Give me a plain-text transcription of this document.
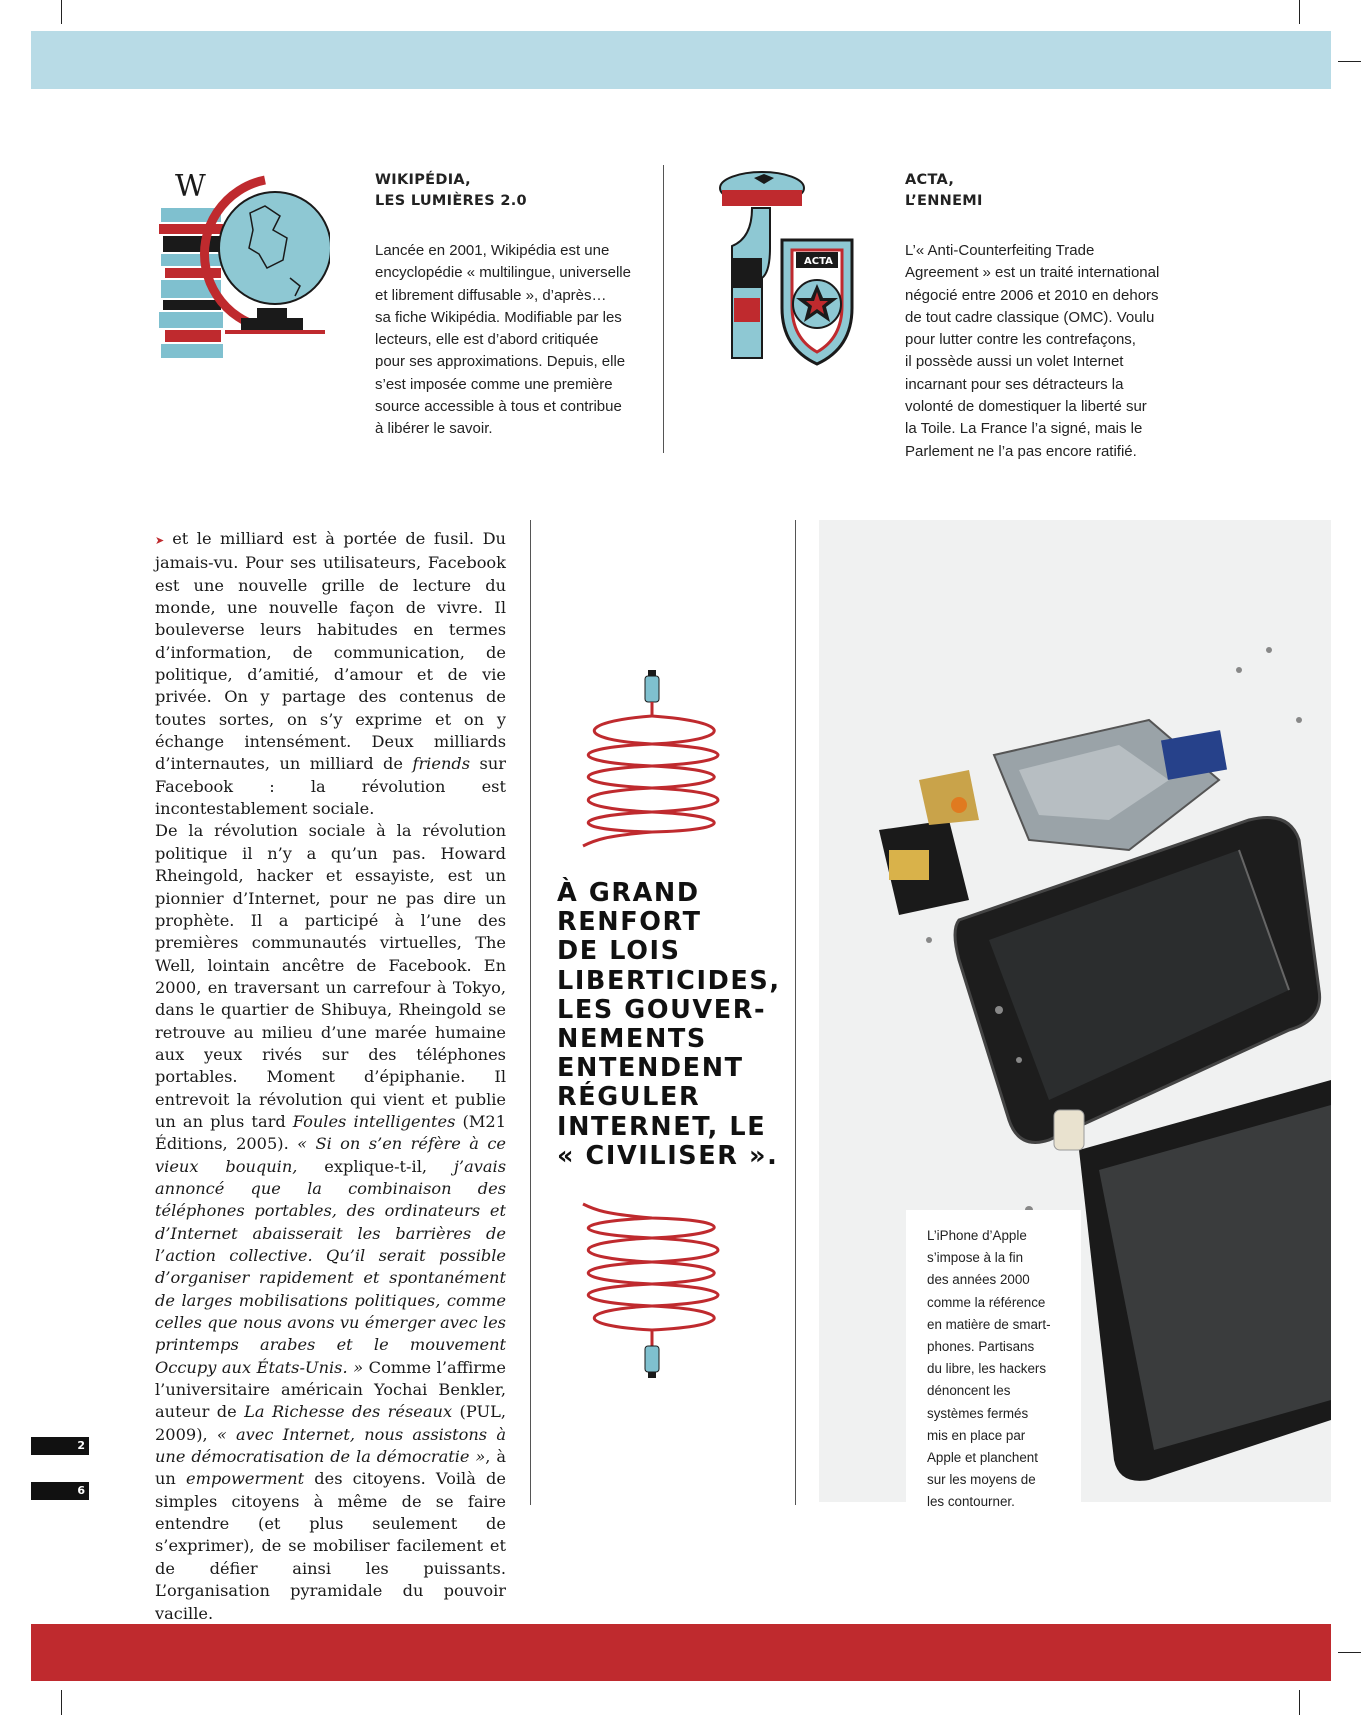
W	WIKIPÉDIA,
LES LUMIÈRES 2.0
Lancée en 2001, Wikipédia est une
encyclopédie « multilingue, universelle
et librement diffusable », d’après…
sa fiche Wikipédia. Modifiable par les
lecteurs, elle est d’abord critiquée
pour ses approximations. Depuis, elle
s’est imposée comme une première
source accessible à tous et contribue
à libérer le savoir.
ACTA
ACTA,
L’ENNEMI
L’« Anti-Counterfeiting Trade
Agreement » est un traité international
négocié entre 2006 et 2010 en dehors
de tout cadre classique (OMC). Voulu
pour lutter contre les contrefaçons,
il possède aussi un volet Internet
incarnant pour ses détracteurs la
volonté de domestiquer la liberté sur
la Toile. La France l’a signé, mais le
Parlement ne l’a pas encore ratifié.

➤ et le milliard est à portée de fusil. Du jamais-vu. Pour ses utilisateurs, Facebook est une nouvelle grille de lecture du monde, une nouvelle façon de vivre. Il bouleverse leurs habitudes en termes d’information, de communication, de politique, d’amitié, d’amour et de vie privée. On y partage des contenus de toutes sortes, on s’y exprime et on y échange intensément. Deux milliards d’internautes, un milliard de friends sur Facebook : la révolution est incontestablement sociale.

De la révolution sociale à la révolution politique il n’y a qu’un pas. Howard Rheingold, hacker et essayiste, est un pionnier d’Internet, pour ne pas dire un prophète. Il a participé à l’une des premières communautés virtuelles, The Well, lointain ancêtre de Facebook. En 2000, en traversant un carrefour à Tokyo, dans le quartier de Shibuya, Rheingold se retrouve au milieu d’une marée humaine aux yeux rivés sur des téléphones portables. Moment d’épiphanie. Il entrevoit la révolution qui vient et publie un an plus tard Foules intelligentes (M21 Éditions, 2005). « Si on s’en réfère à ce vieux bouquin, explique-t-il, j’avais annoncé que la combinaison des téléphones portables, des ordinateurs et d’Internet abaisserait les barrières de l’action collective. Qu’il serait possible d’organiser rapidement et spontanément de larges mobilisations politiques, comme celles que nous avons vu émerger avec les printemps arabes et le mouvement Occupy aux États-Unis. » Comme l’affirme l’universitaire américain Yochai Benkler, auteur de La Richesse des réseaux (PUL, 2009), « avec Internet, nous assistons à une démocratisation de la démocratie », à un empowerment des citoyens. Voilà de simples citoyens à même de se faire entendre (et plus seulement de s’exprimer), de se mobiliser facilement et de défier ainsi les puissants. L’organisation pyramidale du pouvoir vacille.

À GRAND
RENFORT
DE LOIS
LIBERTICIDES,
LES GOUVER-
NEMENTS
ENTENDENT
RÉGULER
INTERNET, LE
« CIVILISER ».
L’iPhone d’Apple
s’impose à la fin
des années 2000
comme la référence
en matière de smart-
phones. Partisans
du libre, les hackers
dénoncent les
systèmes fermés
mis en place par
Apple et planchent
sur les moyens de
les contourner.
2
6
